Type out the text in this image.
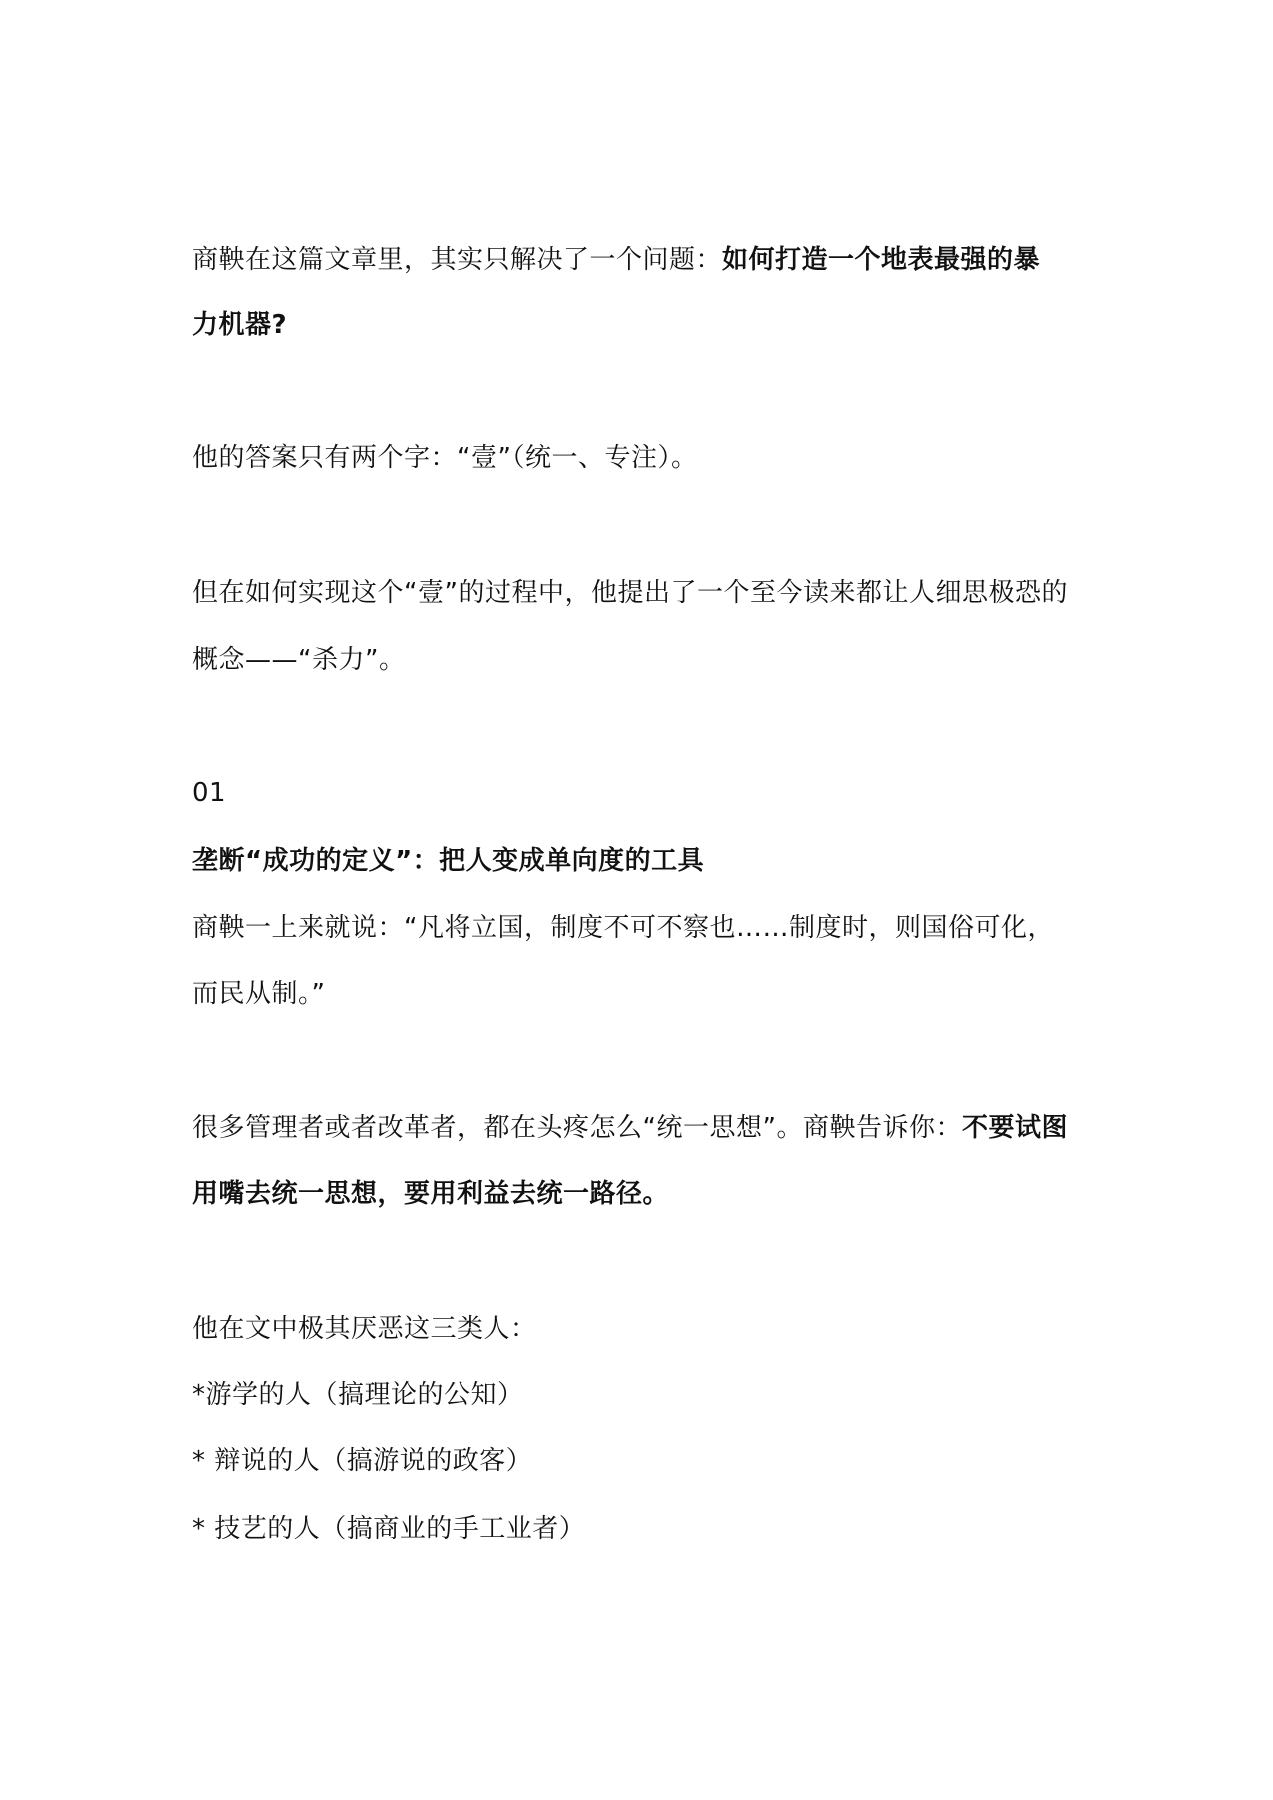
商鞅在这篇文章里，其实只解决了一个问题：如何打造一个地表最强的暴
力机器?
他的答案只有两个字：“壹”（统一、专注）。
但在如何实现这个“壹”的过程中，他提出了一个至今读来都让人细思极恐的
概念——“杀力”。
01
垄断“成功的定义”：把人变成单向度的工具
商鞅一上来就说：“凡将立国，制度不可不察也……制度时，则国俗可化，
而民从制。”
很多管理者或者改革者，都在头疼怎么“统一思想”。商鞅告诉你：不要试图
用嘴去统一思想，要用利益去统一路径。
他在文中极其厌恶这三类人：
*游学的人（搞理论的公知）
* 辩说的人（搞游说的政客）
* 技艺的人（搞商业的手工业者）
